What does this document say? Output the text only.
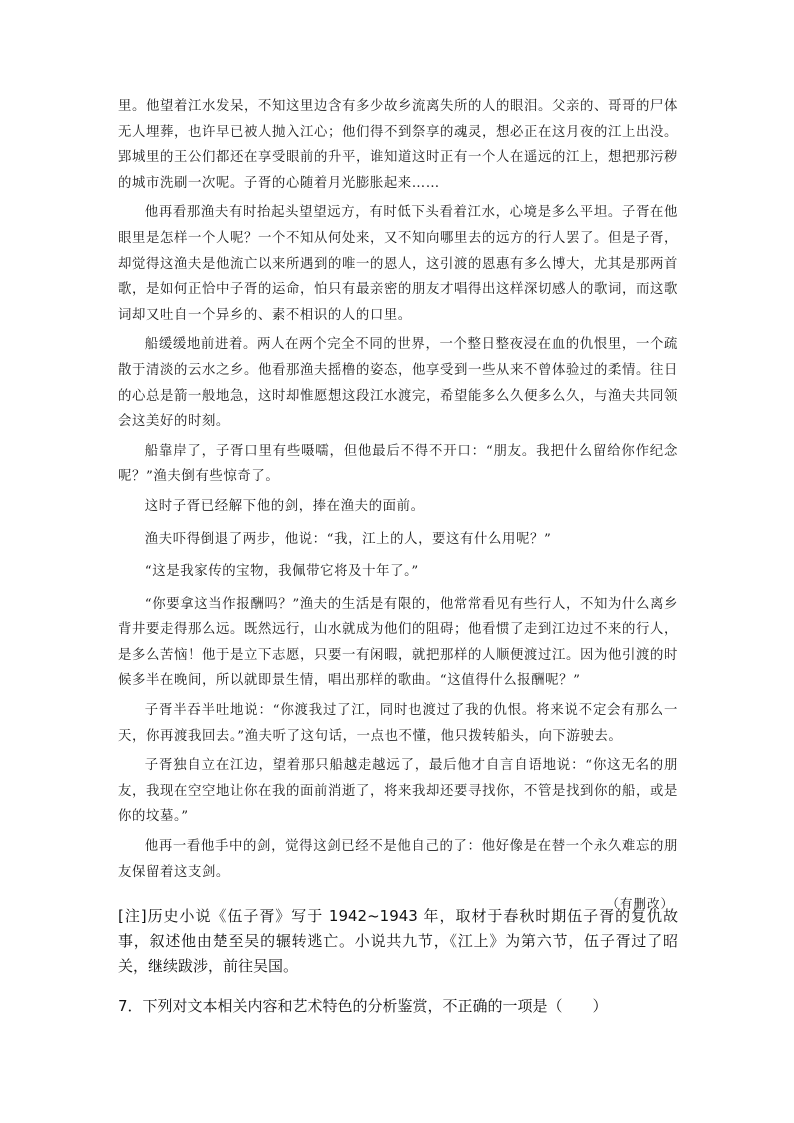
里。他望着江水发呆，不知这里边含有多少故乡流离失所的人的眼泪。父亲的、哥哥的尸体无人埋葬，也许早已被人抛入江心；他们得不到祭享的魂灵，想必正在这月夜的江上出没。郢城里的王公们都还在享受眼前的升平，谁知道这时正有一个人在遥远的江上，想把那污秽的城市洗刷一次呢。子胥的心随着月光膨胀起来……

他再看那渔夫有时抬起头望望远方，有时低下头看着江水，心境是多么平坦。子胥在他眼里是怎样一个人呢？一个不知从何处来，又不知向哪里去的远方的行人罢了。但是子胥，却觉得这渔夫是他流亡以来所遇到的唯一的恩人，这引渡的恩惠有多么博大，尤其是那两首歌，是如何正恰中子胥的运命，怕只有最亲密的朋友才唱得出这样深切感人的歌词，而这歌词却又吐自一个异乡的、素不相识的人的口里。

船缓缓地前进着。两人在两个完全不同的世界，一个整日整夜浸在血的仇恨里，一个疏散于清淡的云水之乡。他看那渔夫摇橹的姿态，他享受到一些从来不曾体验过的柔情。往日的心总是箭一般地急，这时却惟愿想这段江水渡完，希望能多么久便多么久，与渔夫共同领会这美好的时刻。

船靠岸了，子胥口里有些嗫嚅，但他最后不得不开口：“朋友。我把什么留给你作纪念呢？”渔夫倒有些惊奇了。

这时子胥已经解下他的剑，捧在渔夫的面前。

渔夫吓得倒退了两步，他说：“我，江上的人，要这有什么用呢？”

“这是我家传的宝物，我佩带它将及十年了。”

“你要拿这当作报酬吗？”渔夫的生活是有限的，他常常看见有些行人，不知为什么离乡背井要走得那么远。既然远行，山水就成为他们的阻碍；他看惯了走到江边过不来的行人，是多么苦恼！他于是立下志愿，只要一有闲暇，就把那样的人顺便渡过江。因为他引渡的时候多半在晚间，所以就即景生情，唱出那样的歌曲。“这值得什么报酬呢？”

子胥半吞半吐地说：“你渡我过了江，同时也渡过了我的仇恨。将来说不定会有那么一天，你再渡我回去。”渔夫听了这句话，一点也不懂，他只拨转船头，向下游驶去。

子胥独自立在江边，望着那只船越走越远了，最后他才自言自语地说：“你这无名的朋友，我现在空空地让你在我的面前消逝了，将来我却还要寻找你，不管是找到你的船，或是你的坟墓。”

他再一看他手中的剑，觉得这剑已经不是他自己的了：他好像是在替一个永久难忘的朋友保留着这支剑。

（有删改）

[注]历史小说《伍子胥》写于 1942~1943 年，取材于春秋时期伍子胥的复仇故事，叙述他由楚至吴的辗转逃亡。小说共九节，《江上》为第六节，伍子胥过了昭关，继续跋涉，前往吴国。

7．下列对文本相关内容和艺术特色的分析鉴赏，不正确的一项是（　　）
